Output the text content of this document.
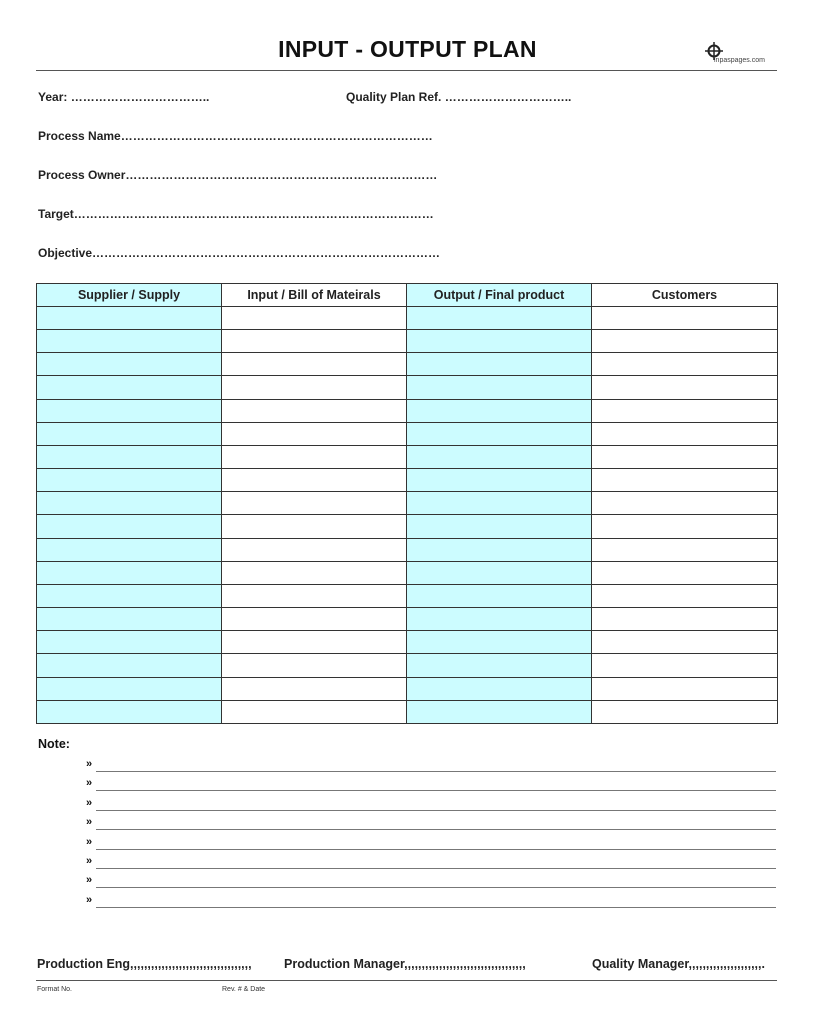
INPUT - OUTPUT PLAN	inpaspages.com
Year: ……………………………..	Quality Plan Ref. …………………………..
Process Name……………………………………………………………………
Process Owner……………………………………………………………………
Target………………………………………………………………………………
Objective……………………………………………………………………………
Supplier / Supply	Input / Bill of Mateirals	Output / Final product	Customers

Note:
»
»
»
»
»
»
»
»
Production Eng,,,,,,,,,,,,,,,,,,,,,,,,,,,,,,,,,,,	Production Manager,,,,,,,,,,,,,,,,,,,,,,,,,,,,,,,,,,,	Quality Manager,,,,,,,,,,,,,,,,,,,,,.
Format No.	Rev. # & Date
